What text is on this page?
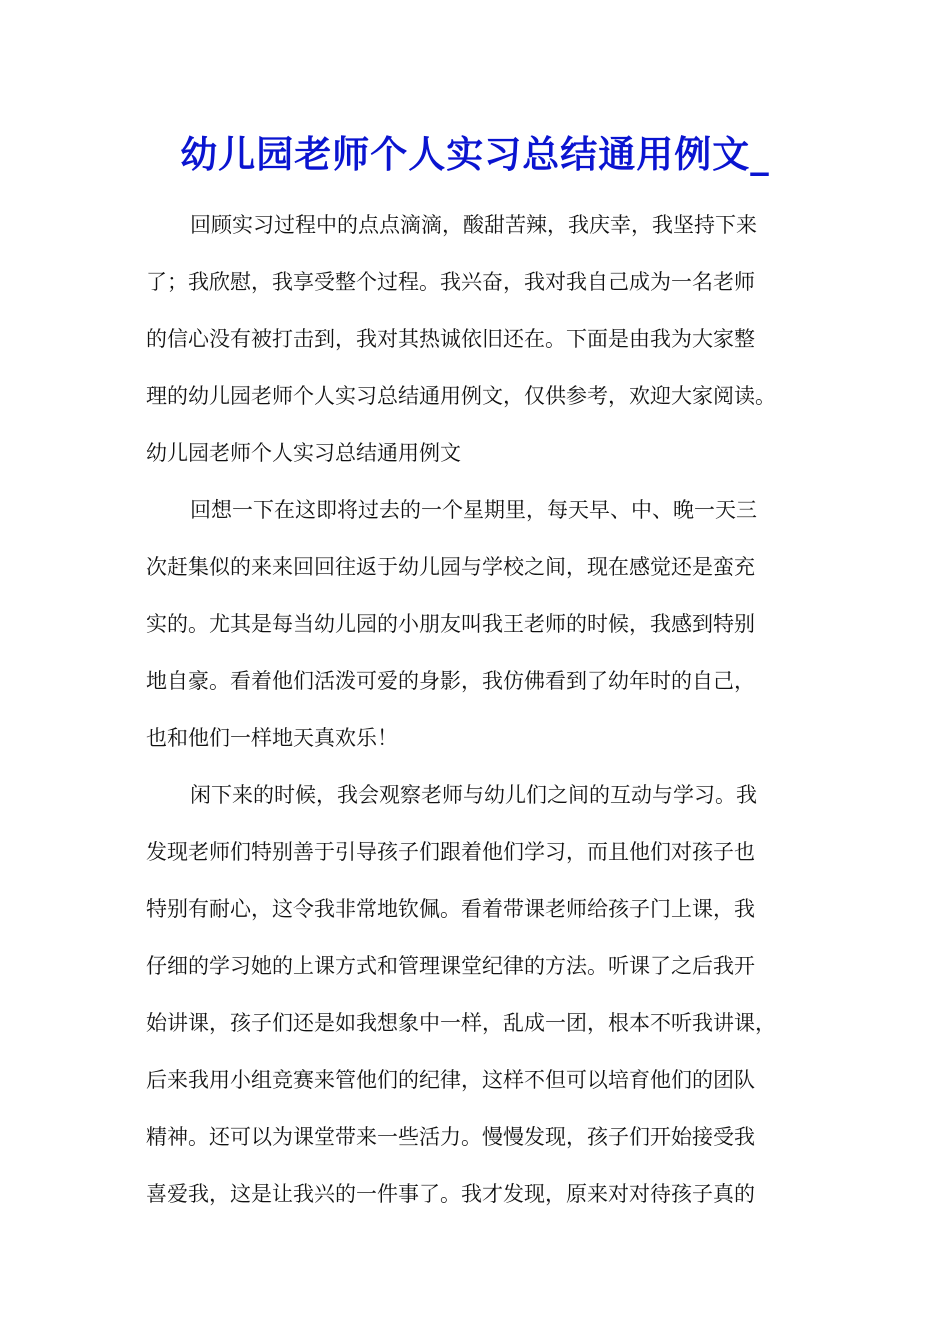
幼儿园老师个人实习总结通用例文_
回顾实习过程中的点点滴滴，酸甜苦辣，我庆幸，我坚持下来
了；我欣慰，我享受整个过程。我兴奋，我对我自己成为一名老师
的信心没有被打击到，我对其热诚依旧还在。下面是由我为大家整
理的幼儿园老师个人实习总结通用例文，仅供参考，欢迎大家阅读。
幼儿园老师个人实习总结通用例文
回想一下在这即将过去的一个星期里，每天早、中、晚一天三
次赶集似的来来回回往返于幼儿园与学校之间，现在感觉还是蛮充
实的。尤其是每当幼儿园的小朋友叫我王老师的时候，我感到特别
地自豪。看着他们活泼可爱的身影，我仿佛看到了幼年时的自己，
也和他们一样地天真欢乐！
闲下来的时候，我会观察老师与幼儿们之间的互动与学习。我
发现老师们特别善于引导孩子们跟着他们学习，而且他们对孩子也
特别有耐心，这令我非常地钦佩。看着带课老师给孩子门上课，我
仔细的学习她的上课方式和管理课堂纪律的方法。听课了之后我开
始讲课，孩子们还是如我想象中一样，乱成一团，根本不听我讲课，
后来我用小组竞赛来管他们的纪律，这样不但可以培育他们的团队
精神。还可以为课堂带来一些活力。慢慢发现，孩子们开始接受我
喜爱我，这是让我兴的一件事了。我才发现，原来对对待孩子真的
